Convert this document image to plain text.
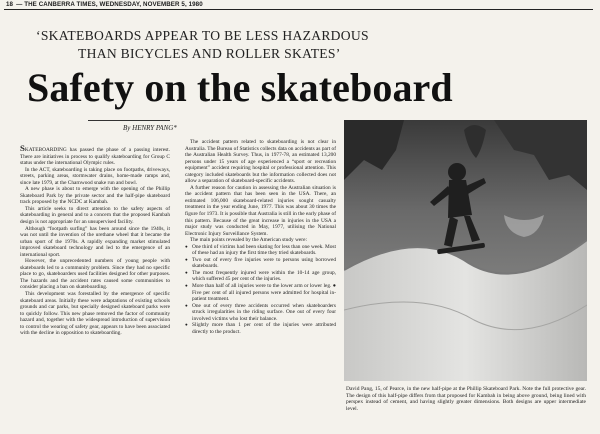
18 — THE CANBERRA TIMES, WEDNESDAY, NOVEMBER 5, 1980
‘SKATEBOARDS APPEAR TO BE LESS HAZARDOUS
THAN BICYCLES AND ROLLER SKATES’
Safety on the skateboard
By HENRY PANG*

SKATEBOARDING has passed the phase of a passing interest. There are initiatives in process to qualify skateboarding for Group C status under the international Olympic rules.

In the ACT, skateboarding is taking place on footpaths, driveways, streets, parking areas, stormwater drains, home-made ramps and, since late 1979, at the Charnwood snake run and bowl.

A new phase is about to emerge with the opening of the Phillip Skateboard Park by the private sector and the half-pipe skateboard track proposed by the NCDC at Kambah.

This article seeks to direct attention to the safety aspects of skateboarding in general and to a concern that the proposed Kambah design is not appropriate for an unsupervised facility.

Although “footpath surfing” has been around since the 1940s, it was not until the invention of the urethane wheel that it became the urban sport of the 1970s. A rapidly expanding market stimulated improved skateboard technology and led to the emergence of an international sport.

However, the unprecedented numbers of young people with skateboards led to a community problem. Since they had no specific place to go, skateboarders used facilities designed for other purposes. The hazards and the accident rates caused some communities to consider placing a ban on skateboarding.

This development was forestalled by the emergence of specific skateboard areas. Initially these were adaptations of existing schools grounds and car parks, but specially designed skateboard parks were to quickly follow. This new phase removed the factor of community hazard and, together with the widespread introduction of supervision to control the wearing of safety gear, appears to have been associated with the decline in opposition to skateboarding.

The accident pattern related to skateboarding is not clear in Australia. The Bureau of Statistics collects data on accidents as part of the Australian Health Survey. Thus, in 1977-78, an estimated 13,200 persons under 15 years of age experienced a “sport or recreation equipment” accident requiring hospital or professional attention. This category included skateboards but the information collected does not allow a separation of skateboard-specific accidents.

A further reason for caution in assessing the Australian situation is the accident pattern that has been seen in the USA. There, an estimated 106,000 skateboard-related injuries sought casualty treatment in the year ending June, 1977. This was about 30 times the figure for 1973. It is possible that Australia is still in the early phase of this pattern. Because of the great increase in injuries in the USA a major study was conducted in May, 1977, utilising the National Electronic Injury Surveillance System.

The main points revealed by the American study were:

● One third of victims had been skating for less than one week. Most of these had an injury the first time they tried skateboards.

● Two out of every five injuries were to persons using borrowed skateboards.

● The most frequently injured were within the 10-14 age group, which suffered 45 per cent of the injuries.

● More than half of all injuries were to the lower arm or lower leg. ● Five per cent of all injured persons were admitted for hospital in-patient treatment.

● One out of every three accidents occurred when skateboarders struck irregularities in the riding surface. One out of every four involved victims who lost their balance.

● Slightly more than 1 per cent of the injuries were attributed directly to the product.

David Pang, 15, of Pearce, in the new half-pipe at the Phillip Skateboard Park. Note the full protective gear. The design of this half-pipe differs from that proposed for Kambah in being above ground, being lined with perspex instead of cement, and having slightly greater dimensions. Both designs are upper intermediate level.
